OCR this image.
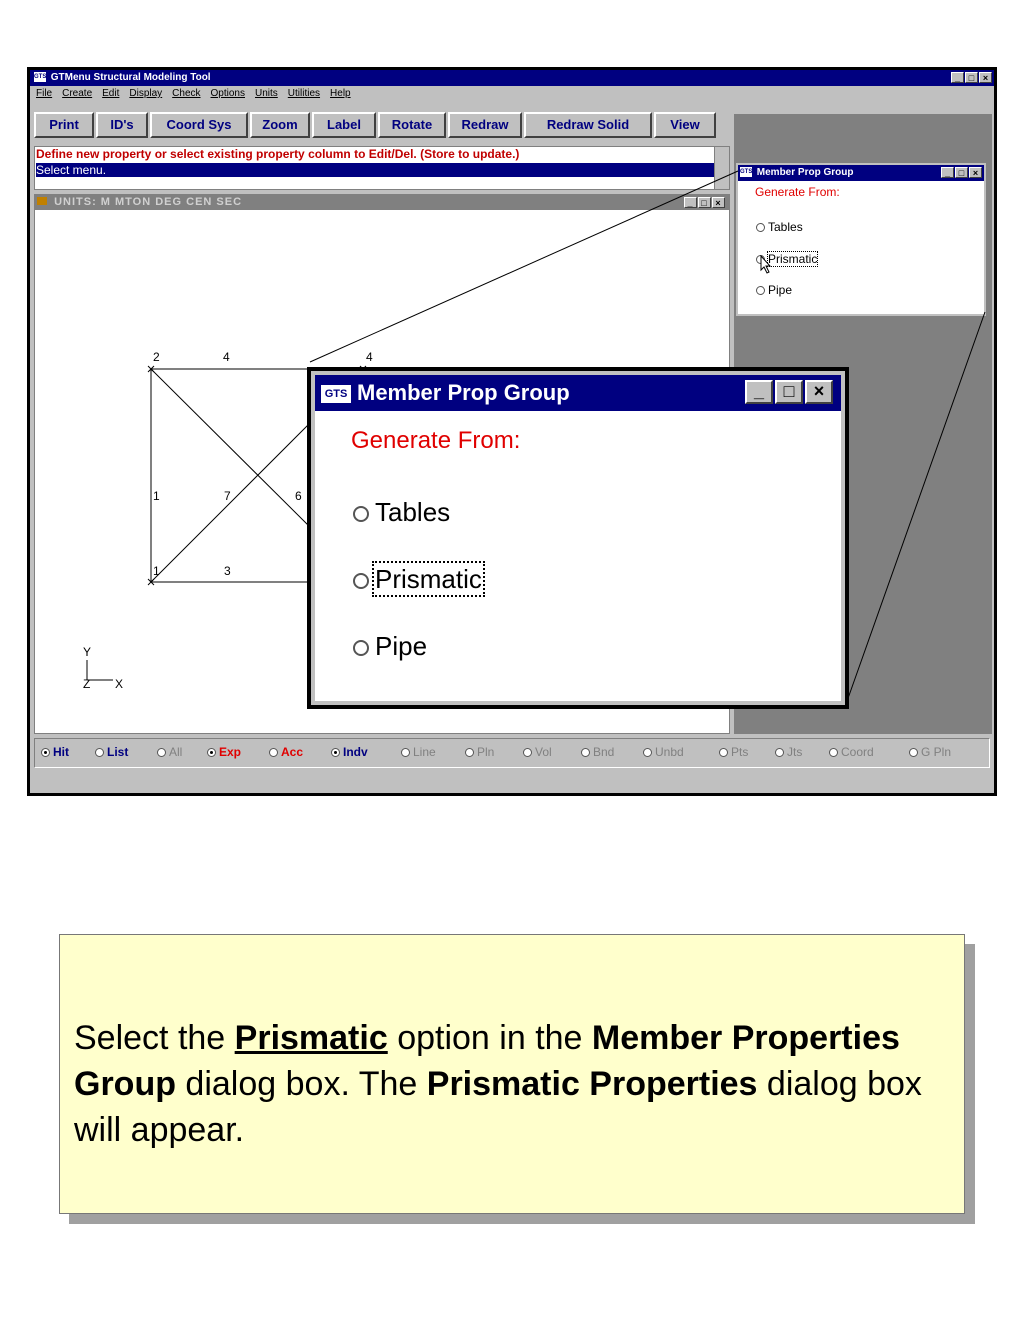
GTS GTMenu Structural Modeling Tool	_ □ ×
File Create Edit Display Check Options Units Utilities Help
Print	ID's	Coord Sys	Zoom	Label	Rotate	Redraw	Redraw Solid	View
Define new property or select existing property column to Edit/Del. (Store to update.)
Select menu.
UNITS: M MTON DEG CEN SEC	_ □ ×
2	4	4
1	7	6
1	3
Y
Z X
GTS Member Prop Group	_ □ ×
Generate From:
Tables
Prismatic
Pipe
Hit	List	All	Exp	Acc	Indv	Line	Pln	Vol	Bnd	Unbd	Pts	Jts	Coord	G Pln
GTS Member Prop Group	_	□	×
Generate From:
Tables
Prismatic
Pipe
Select the Prismatic option in the Member Properties Group dialog box. The Prismatic Properties dialog box will appear.
